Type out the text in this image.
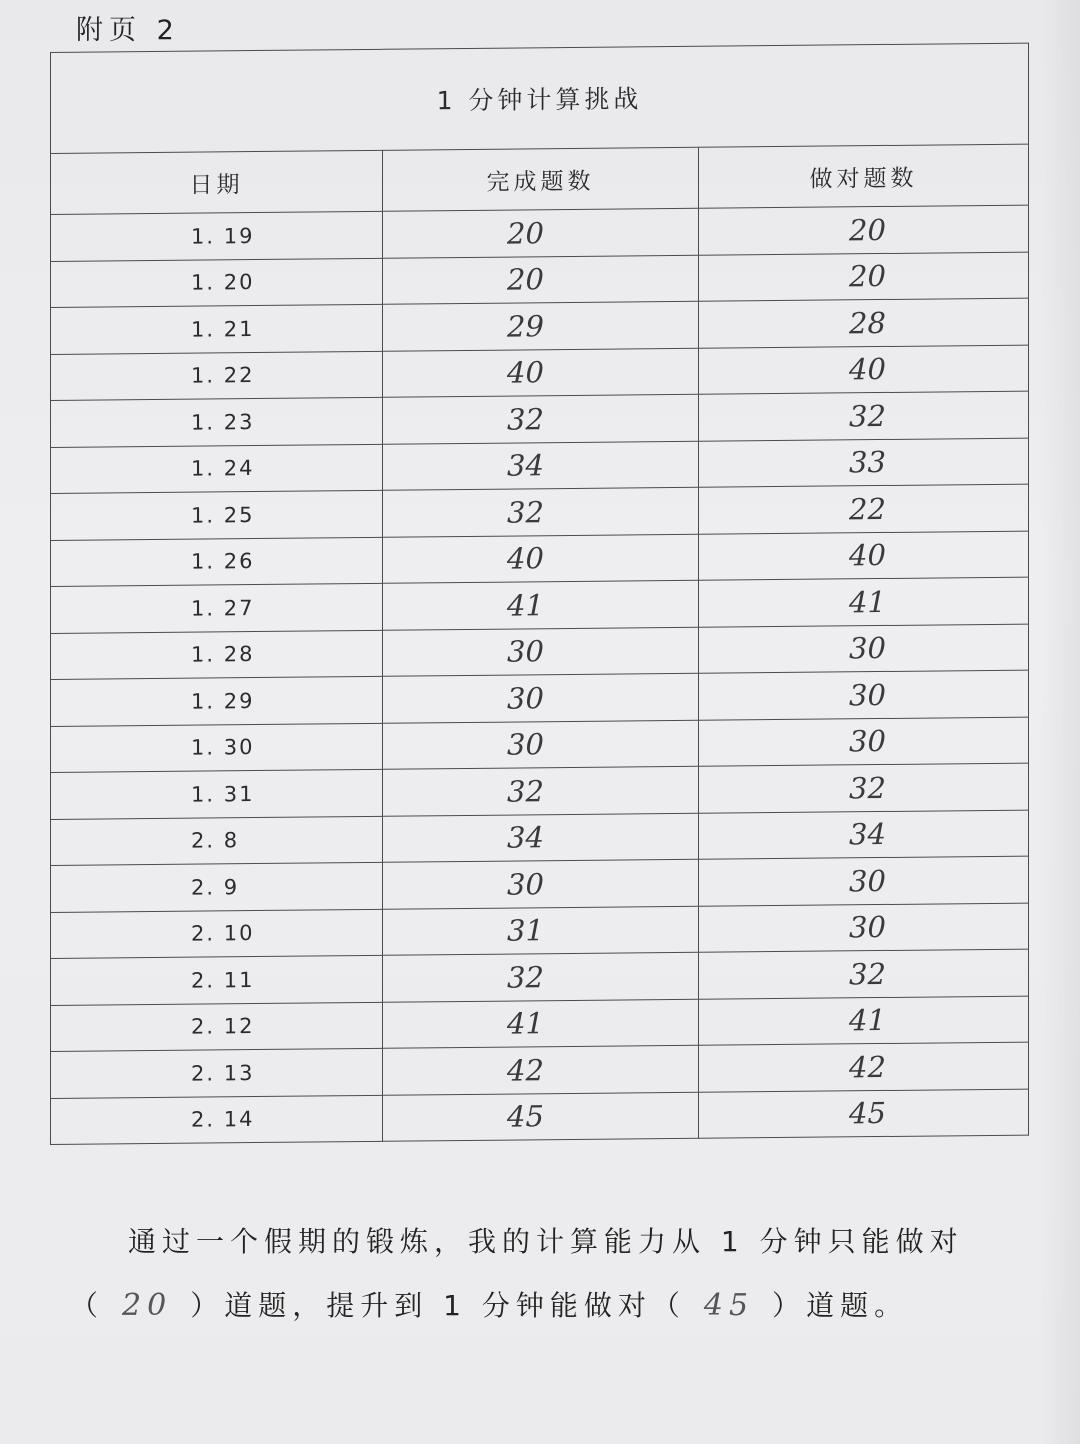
附页 2
1 分钟计算挑战		
日期	完成题数	做对题数
1. 19	20	20
1. 20	20	20
1. 21	29	28
1. 22	40	40
1. 23	32	32
1. 24	34	33
1. 25	32	22
1. 26	40	40
1. 27	41	41
1. 28	30	30
1. 29	30	30
1. 30	30	30
1. 31	32	32
2. 8	34	34
2. 9	30	30
2. 10	31	30
2. 11	32	32
2. 12	41	41
2. 13	42	42
2. 14	45	45
通过一个假期的锻炼，我的计算能力从 1 分钟只能做对
（ 20 ）道题，提升到 1 分钟能做对（ 45 ）道题。
